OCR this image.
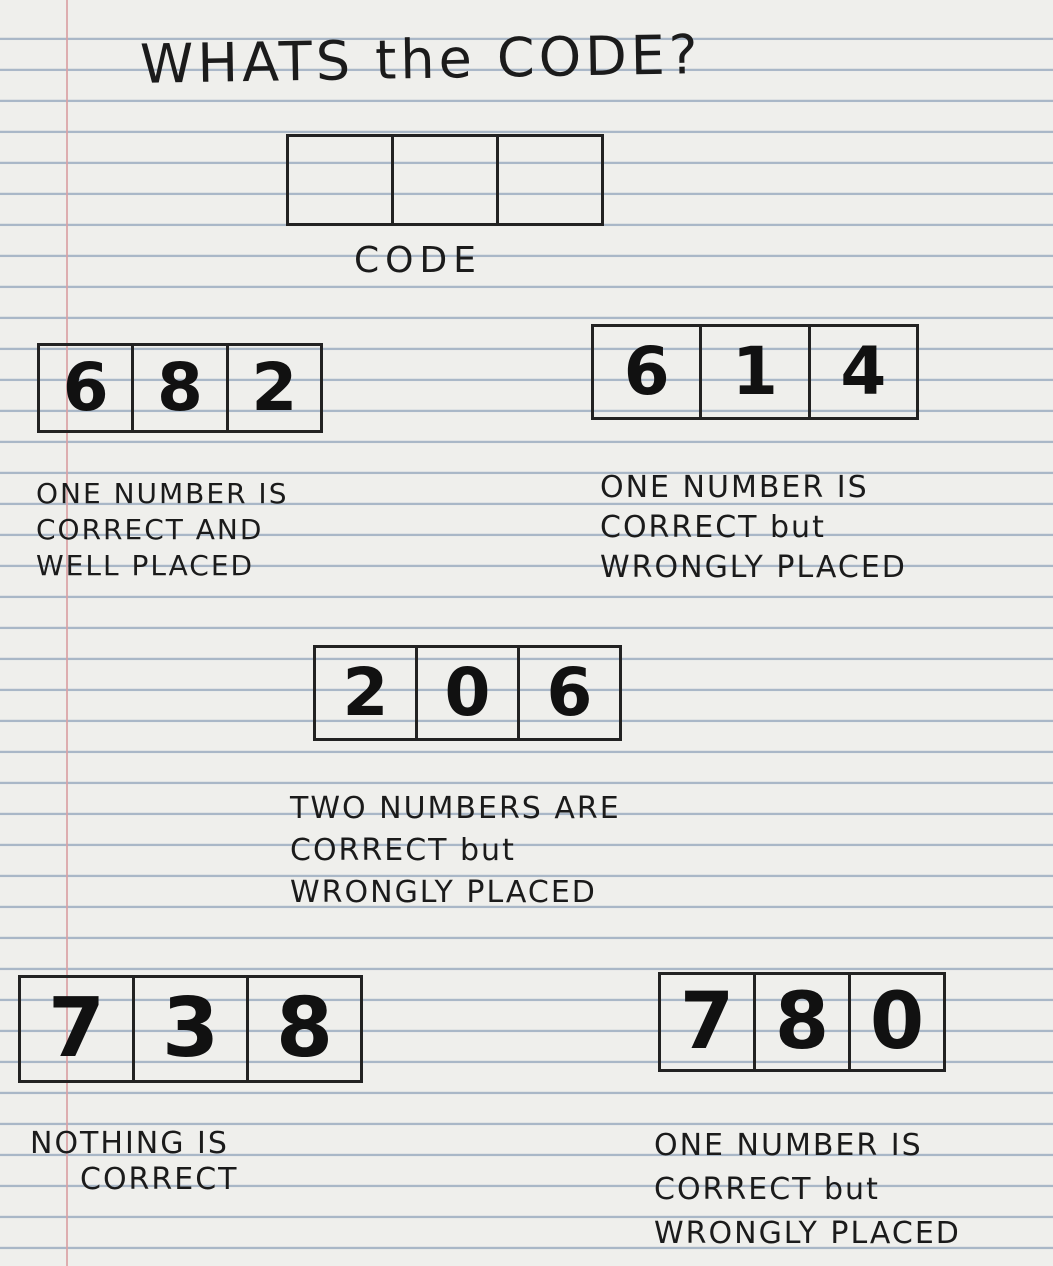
WHATS the CODE?
CODE
6 8 2
ONE NUMBER IS
CORRECT AND
WELL PLACED
6 1 4
ONE NUMBER IS
CORRECT but
WRONGLY PLACED
2 0 6
TWO NUMBERS ARE
CORRECT but
WRONGLY PLACED
7 3 8
NOTHING IS
CORRECT
7 8 0
ONE NUMBER IS
CORRECT but
WRONGLY PLACED
